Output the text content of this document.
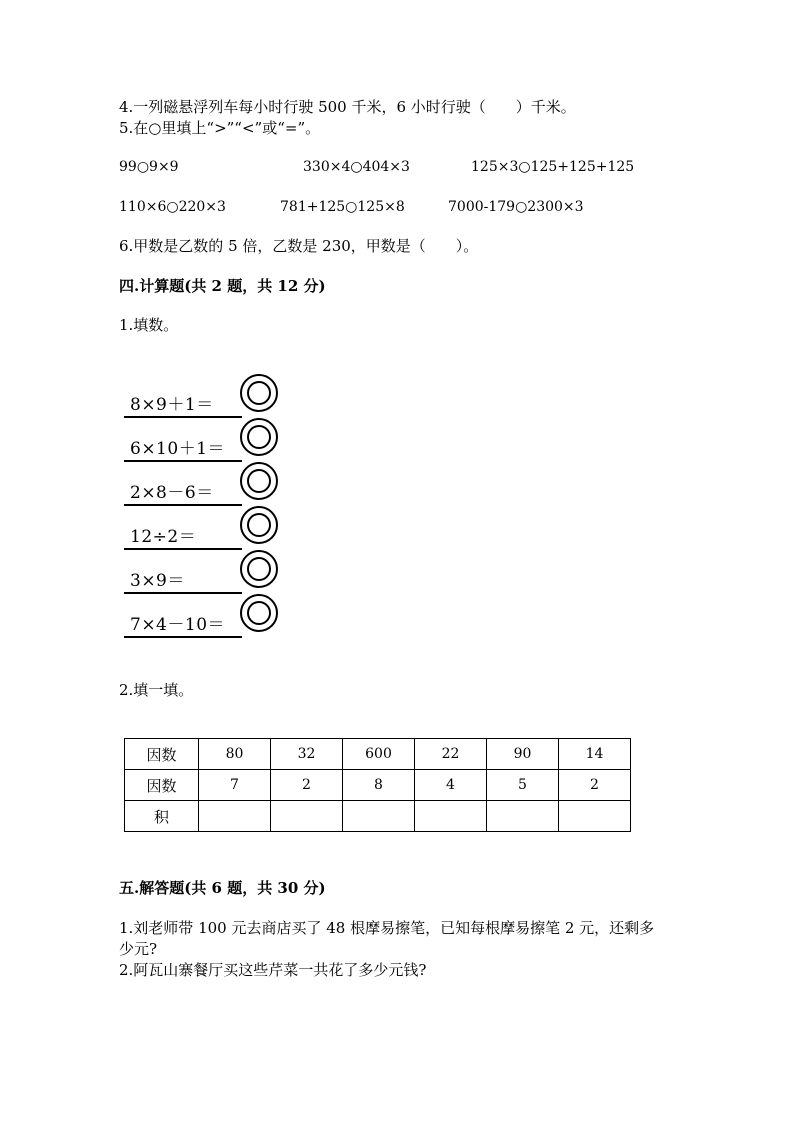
4.一列磁悬浮列车每小时行驶 500 千米，6 小时行驶（　　）千米。
5.在○里填上“>”“<”或“=”。
99○9×9	330×4○404×3	125×3○125+125+125
110×6○220×3	781+125○125×8	7000-179○2300×3
6.甲数是乙数的 5 倍，乙数是 230，甲数是（　　）。
四.计算题(共 2 题，共 12 分)
1.填数。
8×9＋1＝
6×10＋1＝
2×8－6＝
12÷2＝
3×9＝
7×4－10＝
2.填一填。
因数	80	32	600	22	90	14
因数	7	2	8	4	5	2
积						
五.解答题(共 6 题，共 30 分)
1.刘老师带 100 元去商店买了 48 根摩易擦笔，已知每根摩易擦笔 2 元，还剩多
少元?
2.阿瓦山寨餐厅买这些芹菜一共花了多少元钱?
